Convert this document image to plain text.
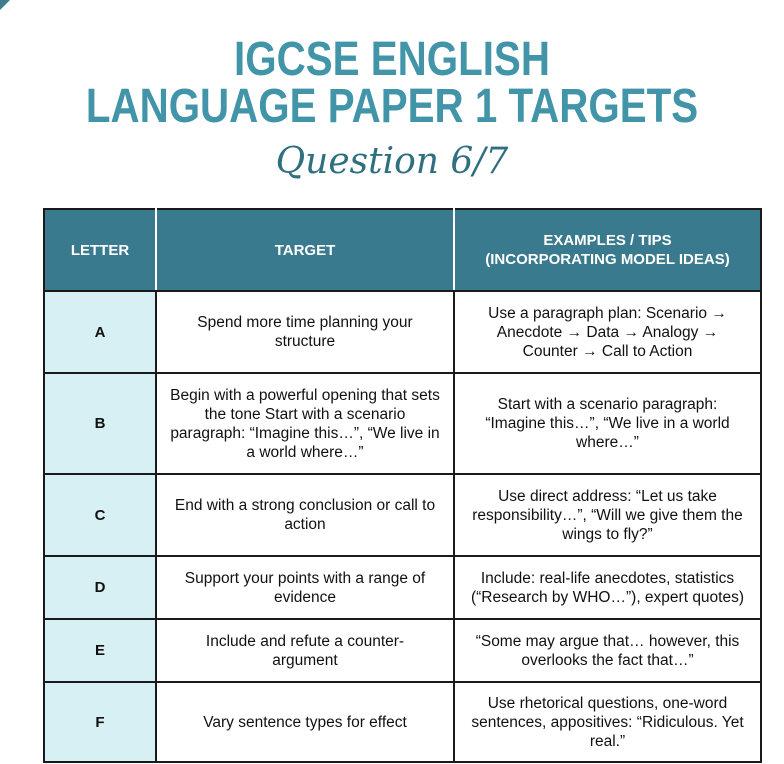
IGCSE ENGLISH
LANGUAGE PAPER 1 TARGETS
Question 6/7
LETTER	TARGET	EXAMPLES / TIPS
(INCORPORATING MODEL IDEAS)
A	Spend more time planning your structure	Use a paragraph plan: Scenario → Anecdote → Data → Analogy → Counter → Call to Action
B	Begin with a powerful opening that sets the tone Start with a scenario paragraph: “Imagine this…”, “We live in a world where…”	Start with a scenario paragraph: “Imagine this…”, “We live in a world where…”
C	End with a strong conclusion or call to action	Use direct address: “Let us take responsibility…”, “Will we give them the wings to fly?”
D	Support your points with a range of evidence	Include: real-life anecdotes, statistics (“Research by WHO…”), expert quotes)
E	Include and refute a counter-argument	“Some may argue that… however, this overlooks the fact that…”
F	Vary sentence types for effect	Use rhetorical questions, one-word sentences, appositives: “Ridiculous. Yet real.”
